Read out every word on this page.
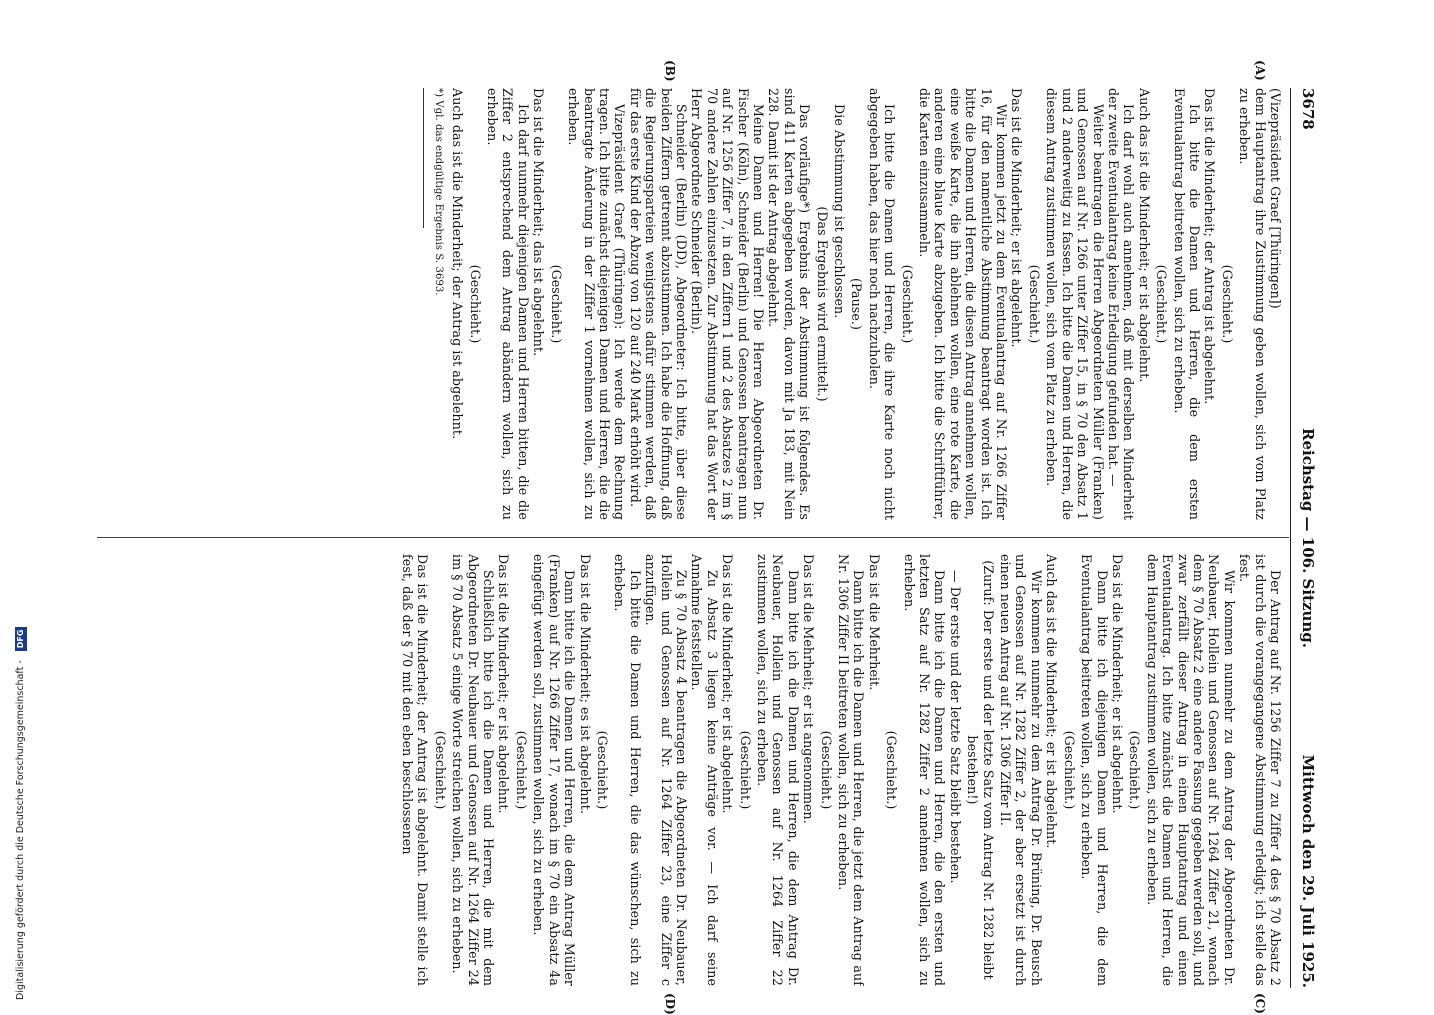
3678
Reichstag — 106. Sitzung.
Mittwoch den 29. Juli 1925.
(A)
(B)
(C)
(D)

(Vizepräsident Graef [Thüringen])

dem Hauptantrag ihre Zustimmung geben wollen, sich vom Platz zu erheben.

(Geschieht.)

Das ist die Minderheit; der Antrag ist abgelehnt.

Ich bitte die Damen und Herren, die dem ersten Eventualantrag beitreten wollen, sich zu erheben.

(Geschieht.)

Auch das ist die Minderheit; er ist abgelehnt.

Ich darf wohl auch annehmen, daß mit derselben Minderheit der zweite Eventualantrag keine Erledigung gefunden hat. —

Weiter beantragen die Herren Abgeordneten Müller (Franken) und Genossen auf Nr. 1266 unter Ziffer 15, in § 70 den Absatz 1 und 2 anderweitig zu fassen. Ich bitte die Damen und Herren, die diesem Antrag zustimmen wollen, sich vom Platz zu erheben.

(Geschieht.)

Das ist die Minderheit; er ist abgelehnt.

Wir kommen jetzt zu dem Eventualantrag auf Nr. 1266 Ziffer 16, für den namentliche Abstimmung beantragt worden ist. Ich bitte die Damen und Herren, die diesen Antrag annehmen wollen, eine weiße Karte, die ihn ablehnen wollen, eine rote Karte, die anderen eine blaue Karte abzugeben. Ich bitte die Schriftführer, die Karten einzusammeln.

(Geschieht.)

Ich bitte die Damen und Herren, die ihre Karte noch nicht abgegeben haben, das hier noch nachzuholen.

(Pause.)

Die Abstimmung ist geschlossen.

(Das Ergebnis wird ermittelt.)

Das vorläufige*) Ergebnis der Abstimmung ist folgendes. Es sind 411 Karten abgegeben worden, davon mit Ja 183, mit Nein 228. Damit ist der Antrag abgelehnt.

Meine Damen und Herren! Die Herren Abgeordneten Dr. Fischer (Köln), Schneider (Berlin) und Genossen beantragen nun auf Nr. 1256 Ziffer 7, in den Ziffern 1 und 2 des Absatzes 2 im § 70 andere Zahlen einzusetzen. Zur Abstimmung hat das Wort der Herr Abgeordnete Schneider (Berlin).

Schneider (Berlin) (DD), Abgeordneter: Ich bitte, über diese beiden Ziffern getrennt abzustimmen. Ich habe die Hoffnung, daß die Regierungsparteien wenigstens dafür stimmen werden, daß für das erste Kind der Abzug von 120 auf 240 Mark erhöht wird.

Vizepräsident Graef (Thüringen): Ich werde dem Rechnung tragen. Ich bitte zunächst diejenigen Damen und Herren, die die beantragte Änderung in der Ziffer 1 vornehmen wollen, sich zu erheben.

(Geschieht.)

Das ist die Minderheit; das ist abgelehnt.

Ich darf nunmehr diejenigen Damen und Herren bitten, die die Ziffer 2 entsprechend dem Antrag abändern wollen, sich zu erheben.

(Geschieht.)

Auch das ist die Minderheit; der Antrag ist abgelehnt.

*) Vgl. das endgültige Ergebnis S. 3693.

Der Antrag auf Nr. 1256 Ziffer 7 zu Ziffer 4 des § 70 Absatz 2 ist durch die vorangegangene Abstimmung erledigt; ich stelle das fest.

Wir kommen nunmehr zu dem Antrag der Abgeordneten Dr. Neubauer, Hollein und Genossen auf Nr. 1264 Ziffer 21, wonach dem § 70 Absatz 2 eine andere Fassung gegeben werden soll, und zwar zerfällt dieser Antrag in einen Hauptantrag und einen Eventualantrag. Ich bitte zunächst die Damen und Herren, die dem Hauptantrag zustimmen wollen, sich zu erheben.

(Geschieht.)

Das ist die Minderheit; er ist abgelehnt.

Dann bitte ich diejenigen Damen und Herren, die dem Eventualantrag beitreten wollen, sich zu erheben.

(Geschieht.)

Auch das ist die Minderheit; er ist abgelehnt.

Wir kommen nunmehr zu dem Antrag Dr. Brüning, Dr. Beusch und Genossen auf Nr. 1282 Ziffer 2, der aber ersetzt ist durch einen neuen Antrag auf Nr. 1306 Ziffer II.

(Zuruf: Der erste und der letzte Satz vom Antrag Nr. 1282 bleibt bestehen!)

— Der erste und der letzte Satz bleibt bestehen.

Dann bitte ich die Damen und Herren, die den ersten und letzten Satz auf Nr. 1282 Ziffer 2 annehmen wollen, sich zu erheben.

(Geschieht.)

Das ist die Mehrheit.

Dann bitte ich die Damen und Herren, die jetzt dem Antrag auf Nr. 1306 Ziffer II beitreten wollen, sich zu erheben.

(Geschieht.)

Das ist die Mehrheit; er ist angenommen.

Dann bitte ich die Damen und Herren, die dem Antrag Dr. Neubauer, Hollein und Genossen auf Nr. 1264 Ziffer 22 zustimmen wollen, sich zu erheben.

(Geschieht.)

Das ist die Minderheit; er ist abgelehnt.

Zu Absatz 3 liegen keine Anträge vor. — Ich darf seine Annahme feststellen.

Zu § 70 Absatz 4 beantragen die Abgeordneten Dr. Neubauer, Hollein und Genossen auf Nr. 1264 Ziffer 23, eine Ziffer c anzufügen.

Ich bitte die Damen und Herren, die das wünschen, sich zu erheben.

(Geschieht.)

Das ist die Minderheit; es ist abgelehnt.

Dann bitte ich die Damen und Herren, die dem Antrag Müller (Franken) auf Nr. 1266 Ziffer 17, wonach im § 70 ein Absatz 4a eingefügt werden soll, zustimmen wollen, sich zu erheben.

(Geschieht.)

Das ist die Minderheit; er ist abgelehnt.

Schließlich bitte ich die Damen und Herren, die mit dem Abgeordneten Dr. Neubauer und Genossen auf Nr. 1264 Ziffer 24 im § 70 Absatz 5 einige Worte streichen wollen, sich zu erheben.

(Geschieht.)

Das ist die Minderheit; der Antrag ist abgelehnt. Damit stelle ich fest, daß der § 70 mit den eben beschlossenen

Digitalisierung gefördert durch die Deutsche Forschungsgemeinschaft - DFG
